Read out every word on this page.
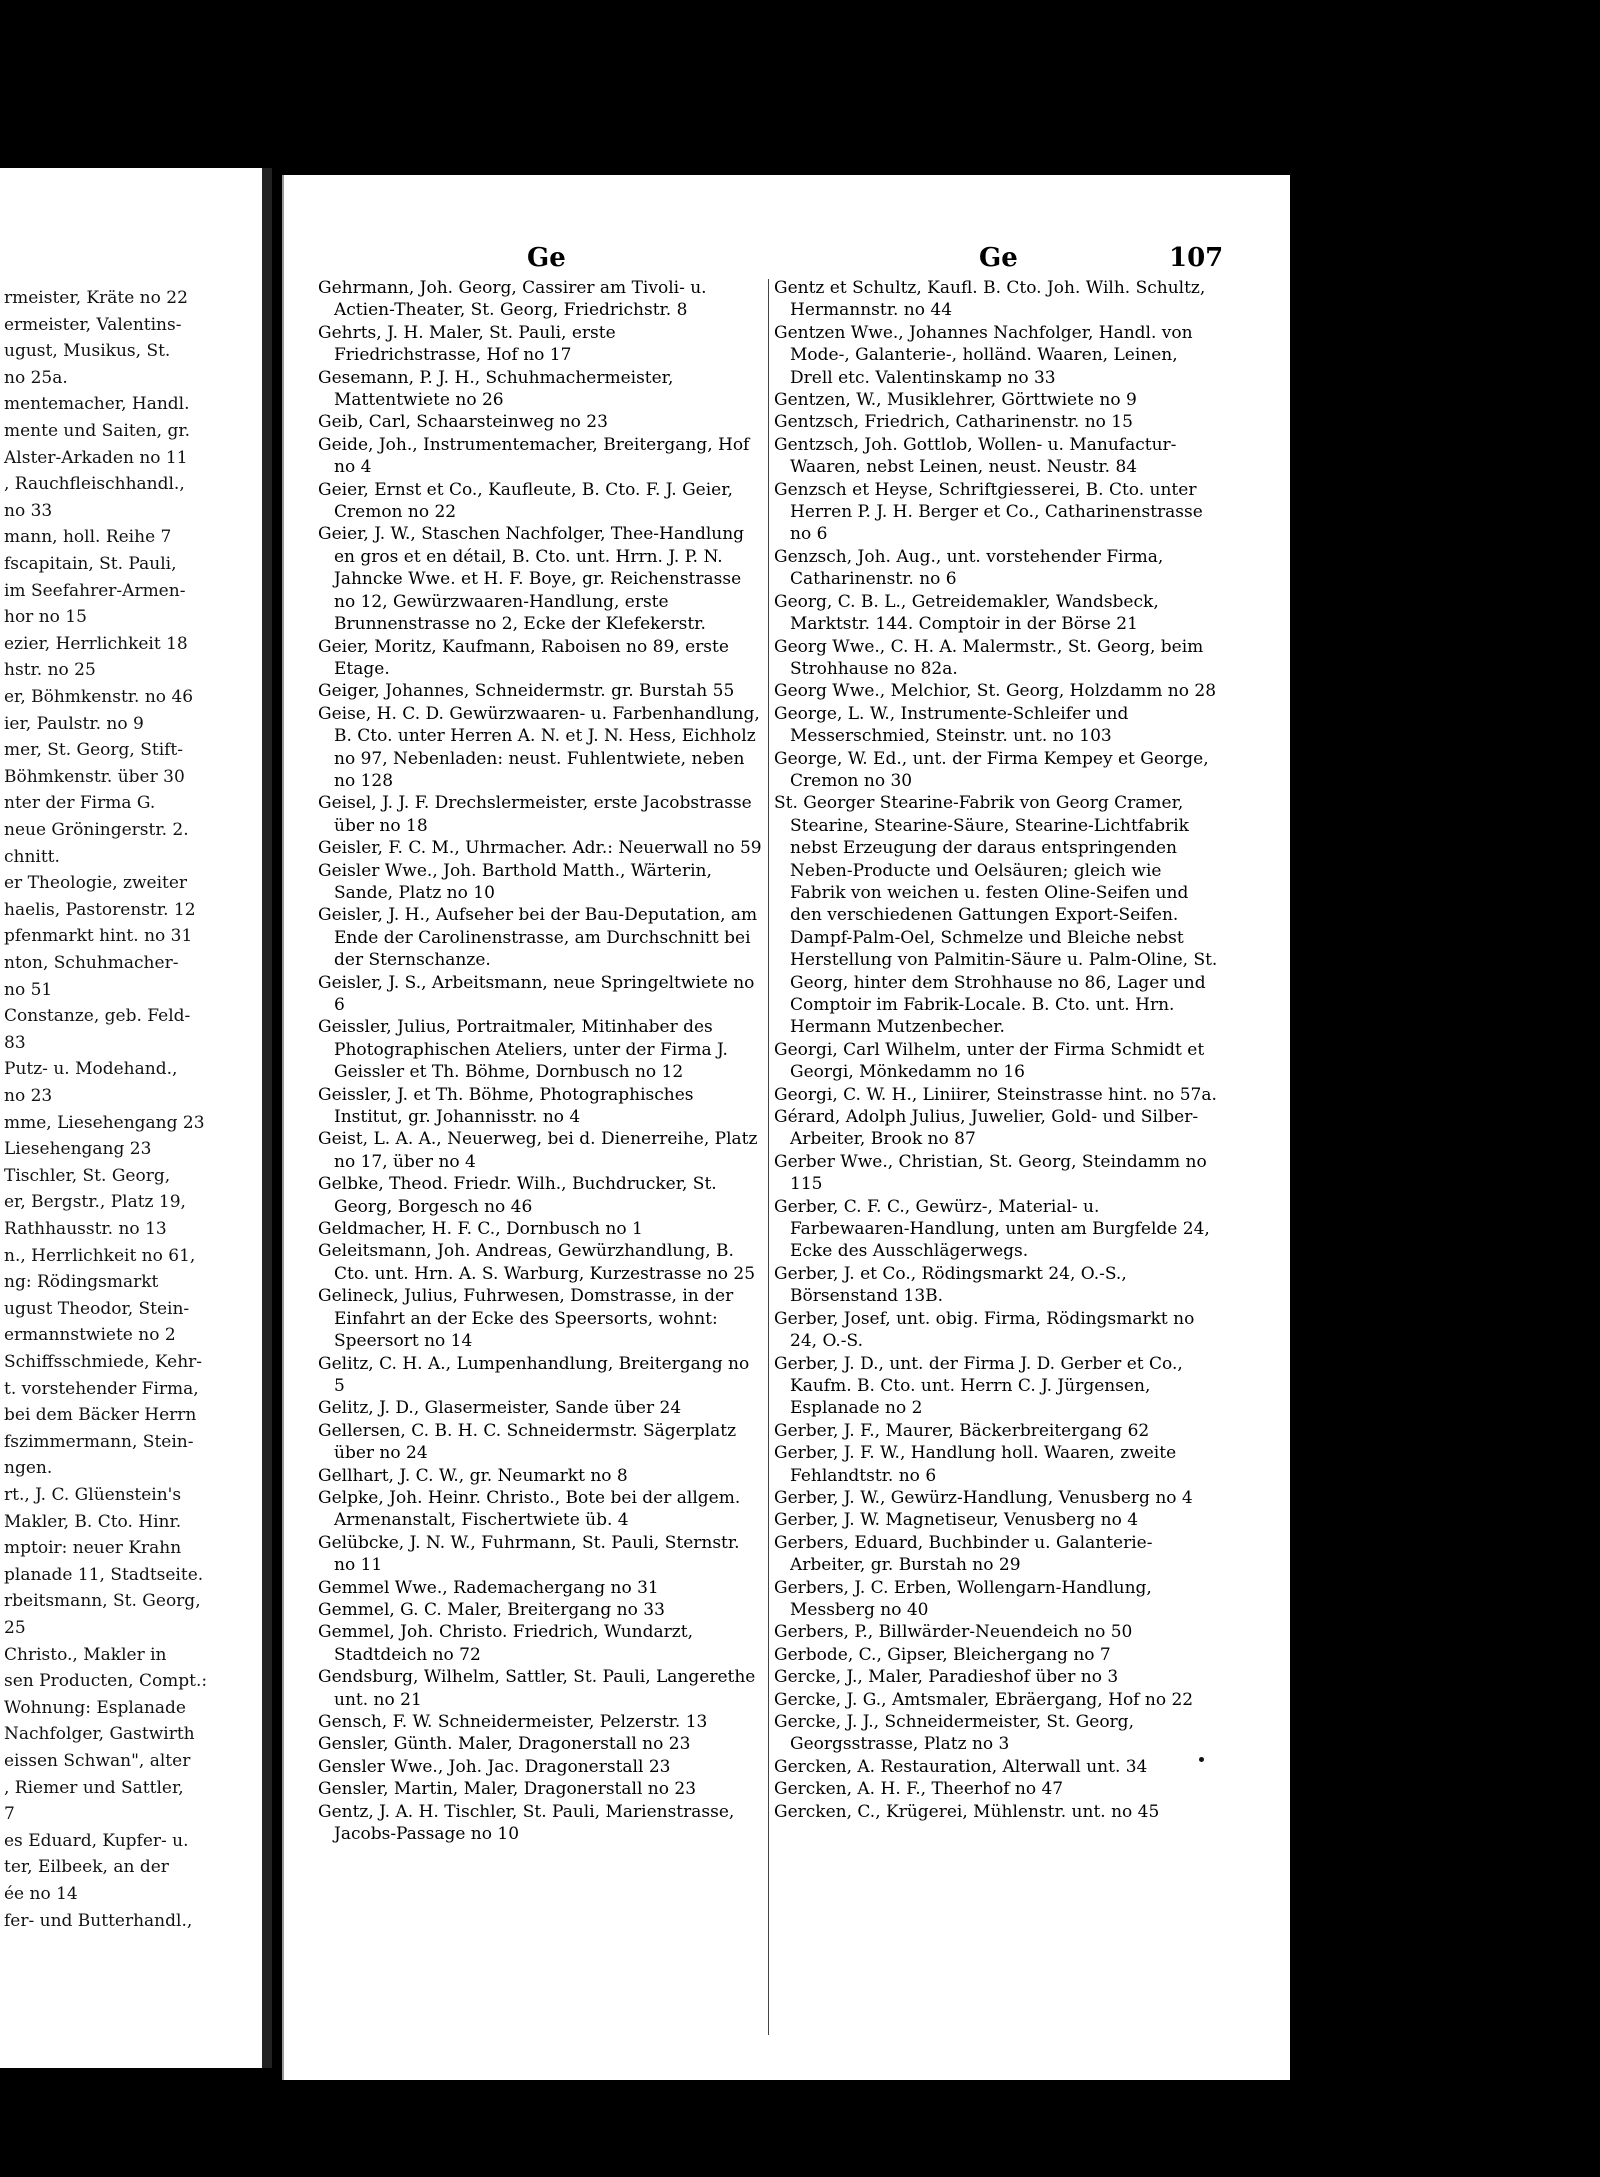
rmeister, Kräte no 22
ermeister, Valentins-
ugust, Musikus, St.
no 25a.
mentemacher, Handl.
mente und Saiten, gr.
Alster-Arkaden no 11
, Rauchfleischhandl.,
no 33
mann, holl. Reihe 7
fscapitain, St. Pauli,
im Seefahrer-Armen-
hor no 15
ezier, Herrlichkeit 18
hstr. no 25
er, Böhmkenstr. no 46
ier, Paulstr. no 9
mer, St. Georg, Stift-
Böhmkenstr. über 30
nter der Firma G.
neue Gröningerstr. 2.
chnitt.
er Theologie, zweiter
haelis, Pastorenstr. 12
pfenmarkt hint. no 31
nton, Schuhmacher-
no 51
Constanze, geb. Feld-
83
Putz- u. Modehand.,
no 23
mme, Liesehengang 23
Liesehengang 23
Tischler, St. Georg,
er, Bergstr., Platz 19,
Rathhausstr. no 13
n., Herrlichkeit no 61,
ng: Rödingsmarkt
ugust Theodor, Stein-
ermannstwiete no 2
Schiffsschmiede, Kehr-
t. vorstehender Firma,
bei dem Bäcker Herrn
fszimmermann, Stein-
ngen.
rt., J. C. Glüenstein's
Makler, B. Cto. Hinr.
mptoir: neuer Krahn
planade 11, Stadtseite.
rbeitsmann, St. Georg,
25
Christo., Makler in
sen Producten, Compt.:
Wohnung: Esplanade
Nachfolger, Gastwirth
eissen Schwan", alter
, Riemer und Sattler,
7
es Eduard, Kupfer- u.
ter, Eilbeek, an der
ée no 14
fer- und Butterhandl.,
Ge	Ge	107
Gehrmann, Joh. Georg, Cassirer am Tivoli- u. Actien-Theater, St. Georg, Friedrichstr. 8
Gehrts, J. H. Maler, St. Pauli, erste Friedrichstrasse, Hof no 17
Gesemann, P. J. H., Schuhmachermeister, Mattentwiete no 26
Geib, Carl, Schaarsteinweg no 23
Geide, Joh., Instrumentemacher, Breitergang, Hof no 4
Geier, Ernst et Co., Kaufleute, B. Cto. F. J. Geier, Cremon no 22
Geier, J. W., Staschen Nachfolger, Thee-Handlung en gros et en détail, B. Cto. unt. Hrrn. J. P. N. Jahncke Wwe. et H. F. Boye, gr. Reichenstrasse no 12, Gewürzwaaren-Handlung, erste Brunnenstrasse no 2, Ecke der Klefekerstr.
Geier, Moritz, Kaufmann, Raboisen no 89, erste Etage.
Geiger, Johannes, Schneidermstr. gr. Burstah 55
Geise, H. C. D. Gewürzwaaren- u. Farbenhandlung, B. Cto. unter Herren A. N. et J. N. Hess, Eichholz no 97, Nebenladen: neust. Fuhlentwiete, neben no 128
Geisel, J. J. F. Drechslermeister, erste Jacobstrasse über no 18
Geisler, F. C. M., Uhrmacher. Adr.: Neuerwall no 59
Geisler Wwe., Joh. Barthold Matth., Wärterin, Sande, Platz no 10
Geisler, J. H., Aufseher bei der Bau-Deputation, am Ende der Carolinenstrasse, am Durchschnitt bei der Sternschanze.
Geisler, J. S., Arbeitsmann, neue Springeltwiete no 6
Geissler, Julius, Portraitmaler, Mitinhaber des Photographischen Ateliers, unter der Firma J. Geissler et Th. Böhme, Dornbusch no 12
Geissler, J. et Th. Böhme, Photographisches Institut, gr. Johannisstr. no 4
Geist, L. A. A., Neuerweg, bei d. Dienerreihe, Platz no 17, über no 4
Gelbke, Theod. Friedr. Wilh., Buchdrucker, St. Georg, Borgesch no 46
Geldmacher, H. F. C., Dornbusch no 1
Geleitsmann, Joh. Andreas, Gewürzhandlung, B. Cto. unt. Hrn. A. S. Warburg, Kurzestrasse no 25
Gelineck, Julius, Fuhrwesen, Domstrasse, in der Einfahrt an der Ecke des Speersorts, wohnt: Speersort no 14
Gelitz, C. H. A., Lumpenhandlung, Breitergang no 5
Gelitz, J. D., Glasermeister, Sande über 24
Gellersen, C. B. H. C. Schneidermstr. Sägerplatz über no 24
Gellhart, J. C. W., gr. Neumarkt no 8
Gelpke, Joh. Heinr. Christo., Bote bei der allgem. Armenanstalt, Fischertwiete üb. 4
Gelübcke, J. N. W., Fuhrmann, St. Pauli, Sternstr. no 11
Gemmel Wwe., Rademachergang no 31
Gemmel, G. C. Maler, Breitergang no 33
Gemmel, Joh. Christo. Friedrich, Wundarzt, Stadtdeich no 72
Gendsburg, Wilhelm, Sattler, St. Pauli, Langerethe unt. no 21
Gensch, F. W. Schneidermeister, Pelzerstr. 13
Gensler, Günth. Maler, Dragonerstall no 23
Gensler Wwe., Joh. Jac. Dragonerstall 23
Gensler, Martin, Maler, Dragonerstall no 23
Gentz, J. A. H. Tischler, St. Pauli, Marienstrasse, Jacobs-Passage no 10
Gentz et Schultz, Kaufl. B. Cto. Joh. Wilh. Schultz, Hermannstr. no 44
Gentzen Wwe., Johannes Nachfolger, Handl. von Mode-, Galanterie-, holländ. Waaren, Leinen, Drell etc. Valentinskamp no 33
Gentzen, W., Musiklehrer, Görttwiete no 9
Gentzsch, Friedrich, Catharinenstr. no 15
Gentzsch, Joh. Gottlob, Wollen- u. Manufactur-Waaren, nebst Leinen, neust. Neustr. 84
Genzsch et Heyse, Schriftgiesserei, B. Cto. unter Herren P. J. H. Berger et Co., Catharinenstrasse no 6
Genzsch, Joh. Aug., unt. vorstehender Firma, Catharinenstr. no 6
Georg, C. B. L., Getreidemakler, Wandsbeck, Marktstr. 144. Comptoir in der Börse 21
Georg Wwe., C. H. A. Malermstr., St. Georg, beim Strohhause no 82a.
Georg Wwe., Melchior, St. Georg, Holzdamm no 28
George, L. W., Instrumente-Schleifer und Messerschmied, Steinstr. unt. no 103
George, W. Ed., unt. der Firma Kempey et George, Cremon no 30
St. Georger Stearine-Fabrik von Georg Cramer, Stearine, Stearine-Säure, Stearine-Lichtfabrik nebst Erzeugung der daraus entspringenden Neben-Producte und Oelsäuren; gleich wie Fabrik von weichen u. festen Oline-Seifen und den verschiedenen Gattungen Export-Seifen. Dampf-Palm-Oel, Schmelze und Bleiche nebst Herstellung von Palmitin-Säure u. Palm-Oline, St. Georg, hinter dem Strohhause no 86, Lager und Comptoir im Fabrik-Locale. B. Cto. unt. Hrn. Hermann Mutzenbecher.
Georgi, Carl Wilhelm, unter der Firma Schmidt et Georgi, Mönkedamm no 16
Georgi, C. W. H., Liniirer, Steinstrasse hint. no 57a.
Gérard, Adolph Julius, Juwelier, Gold- und Silber-Arbeiter, Brook no 87
Gerber Wwe., Christian, St. Georg, Steindamm no 115
Gerber, C. F. C., Gewürz-, Material- u. Farbewaaren-Handlung, unten am Burgfelde 24, Ecke des Ausschlägerwegs.
Gerber, J. et Co., Rödingsmarkt 24, O.-S., Börsenstand 13B.
Gerber, Josef, unt. obig. Firma, Rödingsmarkt no 24, O.-S.
Gerber, J. D., unt. der Firma J. D. Gerber et Co., Kaufm. B. Cto. unt. Herrn C. J. Jürgensen, Esplanade no 2
Gerber, J. F., Maurer, Bäckerbreitergang 62
Gerber, J. F. W., Handlung holl. Waaren, zweite Fehlandtstr. no 6
Gerber, J. W., Gewürz-Handlung, Venusberg no 4
Gerber, J. W. Magnetiseur, Venusberg no 4
Gerbers, Eduard, Buchbinder u. Galanterie-Arbeiter, gr. Burstah no 29
Gerbers, J. C. Erben, Wollengarn-Handlung, Messberg no 40
Gerbers, P., Billwärder-Neuendeich no 50
Gerbode, C., Gipser, Bleichergang no 7
Gercke, J., Maler, Paradieshof über no 3
Gercke, J. G., Amtsmaler, Ebräergang, Hof no 22
Gercke, J. J., Schneidermeister, St. Georg, Georgsstrasse, Platz no 3
Gercken, A. Restauration, Alterwall unt. 34
Gercken, A. H. F., Theerhof no 47
Gercken, C., Krügerei, Mühlenstr. unt. no 45
